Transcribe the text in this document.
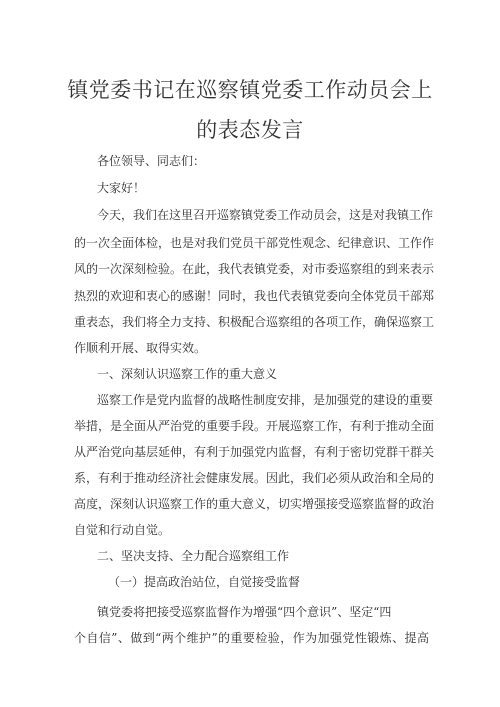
镇党委书记在巡察镇党委工作动员会上
的表态发言
各位领导、同志们：
大家好！
今天，我们在这里召开巡察镇党委工作动员会，这是对我镇工作
的一次全面体检，也是对我们党员干部党性观念、纪律意识、工作作
风的一次深刻检验。在此，我代表镇党委，对市委巡察组的到来表示
热烈的欢迎和衷心的感谢！同时，我也代表镇党委向全体党员干部郑
重表态，我们将全力支持、积极配合巡察组的各项工作，确保巡察工
作顺利开展、取得实效。
一、深刻认识巡察工作的重大意义
巡察工作是党内监督的战略性制度安排，是加强党的建设的重要
举措，是全面从严治党的重要手段。开展巡察工作，有利于推动全面
从严治党向基层延伸，有利于加强党内监督，有利于密切党群干群关
系，有利于推动经济社会健康发展。因此，我们必须从政治和全局的
高度，深刻认识巡察工作的重大意义，切实增强接受巡察监督的政治
自觉和行动自觉。
二、坚决支持、全力配合巡察组工作
（一）提高政治站位，自觉接受监督
镇党委将把接受巡察监督作为增强“四个意识”、坚定“四
个自信”、做到“两个维护”的重要检验，作为加强党性锻炼、提高
